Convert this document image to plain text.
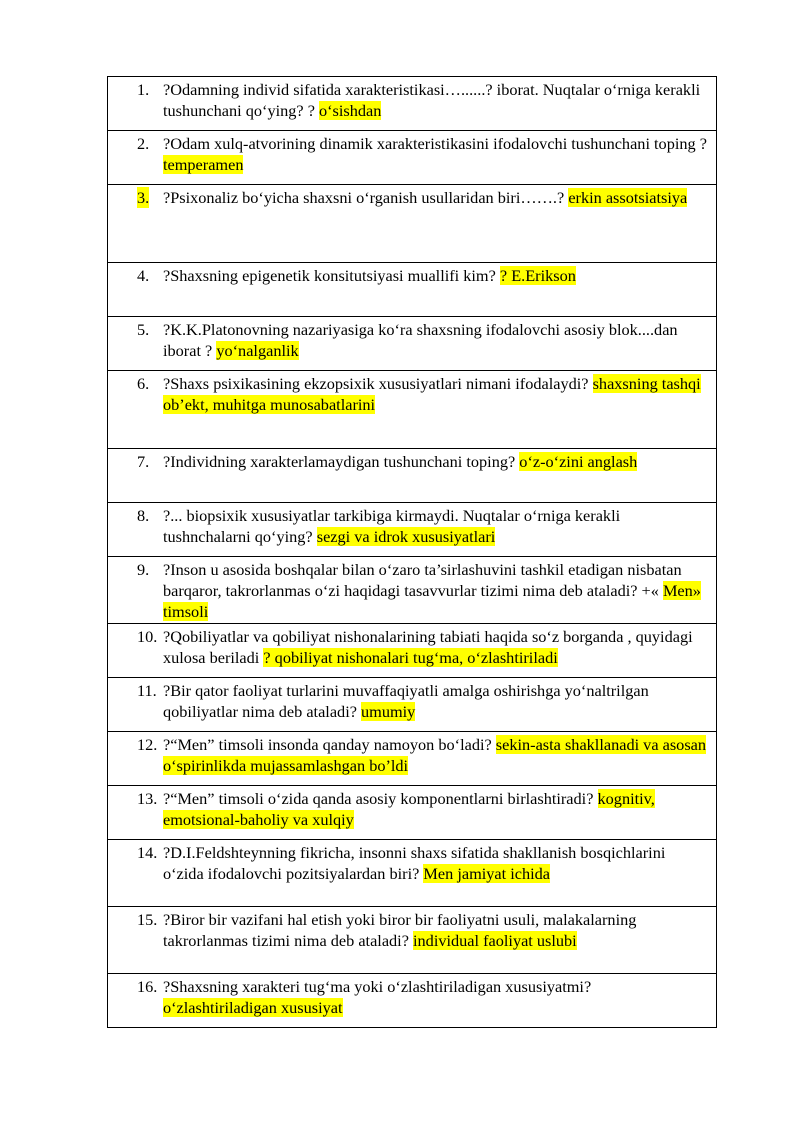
1. ?Odamning individ sifatida xarakteristikasi…......? iborat. Nuqtalar o‘rniga kerakli tushunchani qo‘ying? ? o‘sishdan

2. ?Odam xulq-atvorining dinamik xarakteristikasini ifodalovchi tushunchani toping ? temperamen

3. ?Psixonaliz bo‘yicha shaxsni o‘rganish usullaridan biri…….? erkin assotsiatsiya

4. ?Shaxsning epigenetik konsitutsiyasi muallifi kim? ? E.Erikson

5. ?K.K.Platonovning nazariyasiga ko‘ra shaxsning ifodalovchi asosiy blok....dan iborat ? yo‘nalganlik

6. ?Shaxs psixikasining ekzopsixik xususiyatlari nimani ifodalaydi? shaxsning tashqi ob’ekt, muhitga munosabatlarini

7. ?Individning xarakterlamaydigan tushunchani toping? o‘z-o‘zini anglash

8. ?... biopsixik xususiyatlar tarkibiga kirmaydi. Nuqtalar o‘rniga kerakli tushnchalarni qo‘ying? sezgi va idrok xususiyatlari

9. ?Inson u asosida boshqalar bilan o‘zaro ta’sirlashuvini tashkil etadigan nisbatan barqaror, takrorlanmas o‘zi haqidagi tasavvurlar tizimi nima deb ataladi? +« Men» timsoli

10. ?Qobiliyatlar va qobiliyat nishonalarining tabiati haqida so‘z borganda , quyidagi xulosa beriladi ? qobiliyat nishonalari tug‘ma, o‘zlashtiriladi

11. ?Bir qator faoliyat turlarini muvaffaqiyatli amalga oshirishga yo‘naltrilgan qobiliyatlar nima deb ataladi? umumiy

12. ?“Men” timsoli insonda qanday namoyon bo‘ladi? sekin-asta shakllanadi va asosan o‘spirinlikda mujassamlashgan bo’ldi

13. ?“Men” timsoli o‘zida qanda asosiy komponentlarni birlashtiradi? kognitiv, emotsional-baholiy va xulqiy

14. ?D.I.Feldshteynning fikricha, insonni shaxs sifatida shakllanish bosqichlarini o‘zida ifodalovchi pozitsiyalardan biri? Men jamiyat ichida

15. ?Biror bir vazifani hal etish yoki biror bir faoliyatni usuli, malakalarning takrorlanmas tizimi nima deb ataladi? individual faoliyat uslubi

16. ?Shaxsning xarakteri tug‘ma yoki o‘zlashtiriladigan xususiyatmi? o‘zlashtiriladigan xususiyat
